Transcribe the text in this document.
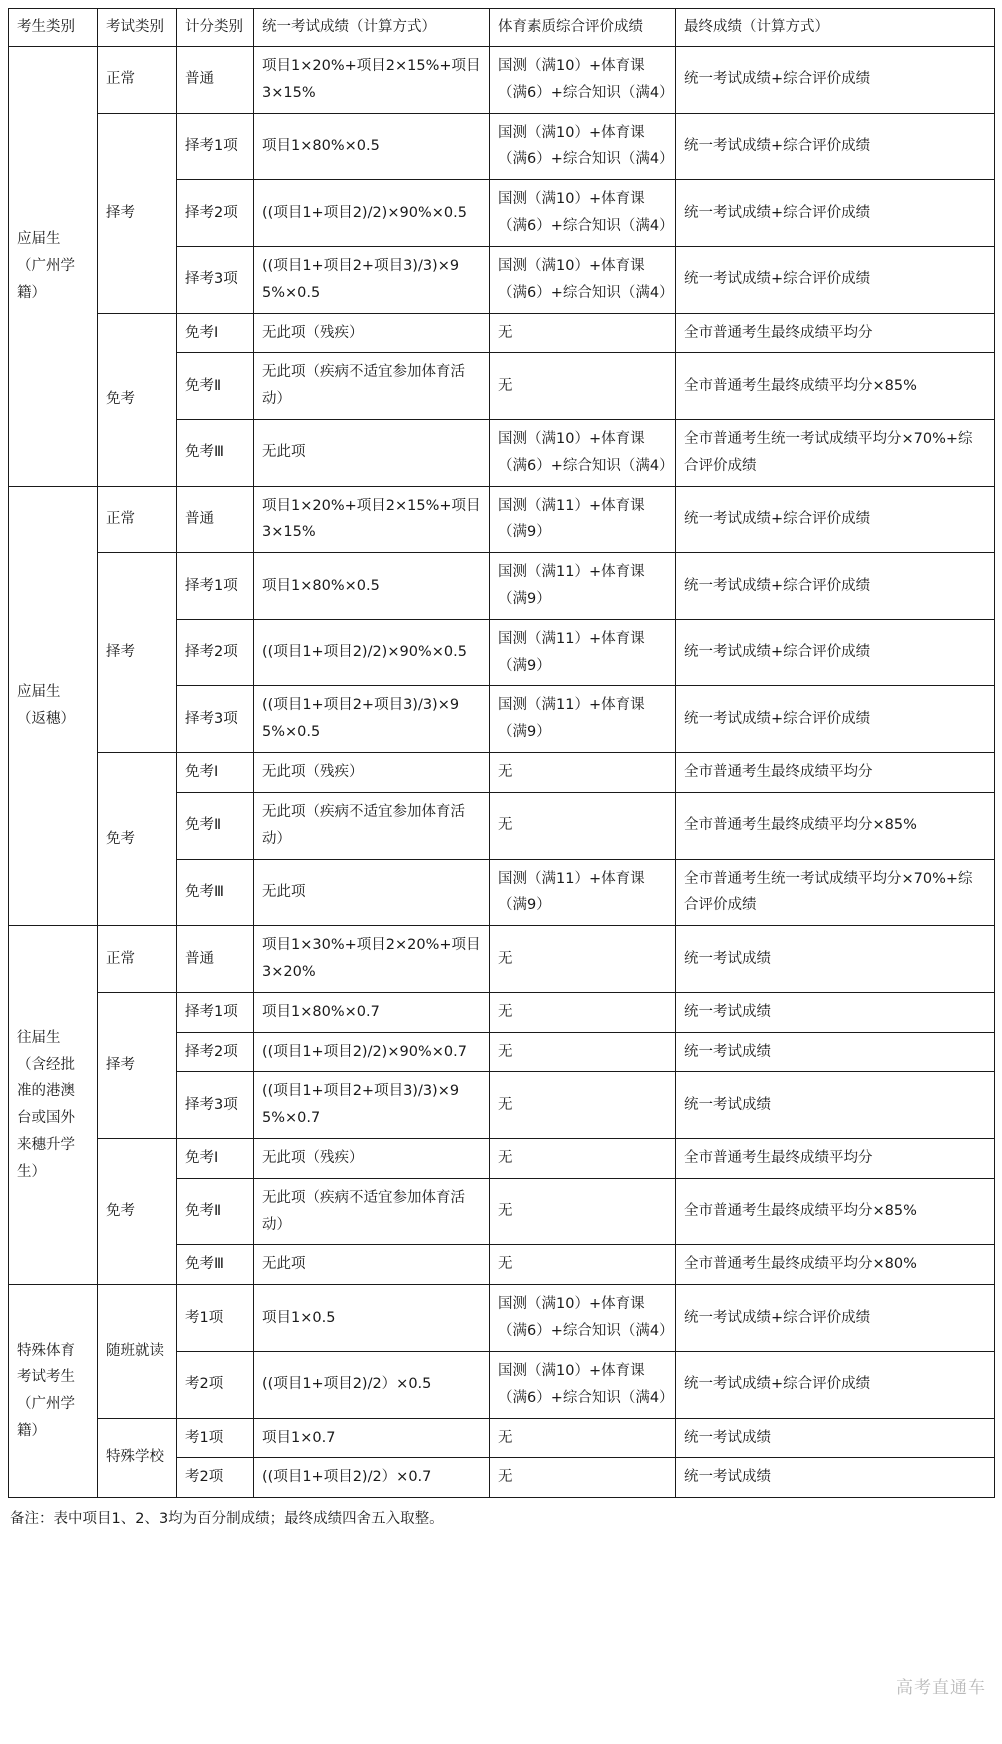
考生类别	考试类别	计分类别	统一考试成绩（计算方式）	体育素质综合评价成绩	最终成绩（计算方式）
应届生（广州学籍）	正常	普通	项目1×20%+项目2×15%+项目3×15%	国测（满10）+体育课（满6）+综合知识（满4）	统一考试成绩+综合评价成绩
	择考	择考1项	项目1×80%×0.5	国测（满10）+体育课（满6）+综合知识（满4）	统一考试成绩+综合评价成绩
		择考2项	((项目1+项目2)/2)×90%×0.5	国测（满10）+体育课（满6）+综合知识（满4）	统一考试成绩+综合评价成绩
		择考3项	((项目1+项目2+项目3)/3)×95%×0.5	国测（满10）+体育课（满6）+综合知识（满4）	统一考试成绩+综合评价成绩
	免考	免考Ⅰ	无此项（残疾）	无	全市普通考生最终成绩平均分
		免考Ⅱ	无此项（疾病不适宜参加体育活动）	无	全市普通考生最终成绩平均分×85%
		免考Ⅲ	无此项	国测（满10）+体育课（满6）+综合知识（满4）	全市普通考生统一考试成绩平均分×70%+综合评价成绩
应届生（返穗）	正常	普通	项目1×20%+项目2×15%+项目3×15%	国测（满11）+体育课（满9）	统一考试成绩+综合评价成绩
	择考	择考1项	项目1×80%×0.5	国测（满11）+体育课（满9）	统一考试成绩+综合评价成绩
		择考2项	((项目1+项目2)/2)×90%×0.5	国测（满11）+体育课（满9）	统一考试成绩+综合评价成绩
		择考3项	((项目1+项目2+项目3)/3)×95%×0.5	国测（满11）+体育课（满9）	统一考试成绩+综合评价成绩
	免考	免考Ⅰ	无此项（残疾）	无	全市普通考生最终成绩平均分
		免考Ⅱ	无此项（疾病不适宜参加体育活动）	无	全市普通考生最终成绩平均分×85%
		免考Ⅲ	无此项	国测（满11）+体育课（满9）	全市普通考生统一考试成绩平均分×70%+综合评价成绩
往届生（含经批准的港澳台或国外来穗升学生）	正常	普通	项目1×30%+项目2×20%+项目3×20%	无	统一考试成绩
	择考	择考1项	项目1×80%×0.7	无	统一考试成绩
		择考2项	((项目1+项目2)/2)×90%×0.7	无	统一考试成绩
		择考3项	((项目1+项目2+项目3)/3)×95%×0.7	无	统一考试成绩
	免考	免考Ⅰ	无此项（残疾）	无	全市普通考生最终成绩平均分
		免考Ⅱ	无此项（疾病不适宜参加体育活动）	无	全市普通考生最终成绩平均分×85%
		免考Ⅲ	无此项	无	全市普通考生最终成绩平均分×80%
特殊体育考试考生（广州学籍）	随班就读	考1项	项目1×0.5	国测（满10）+体育课（满6）+综合知识（满4）	统一考试成绩+综合评价成绩
		考2项	((项目1+项目2)/2）×0.5	国测（满10）+体育课（满6）+综合知识（满4）	统一考试成绩+综合评价成绩
	特殊学校	考1项	项目1×0.7	无	统一考试成绩
		考2项	((项目1+项目2)/2）×0.7	无	统一考试成绩
备注：表中项目1、2、3均为百分制成绩；最终成绩四舍五入取整。
高考直通车
